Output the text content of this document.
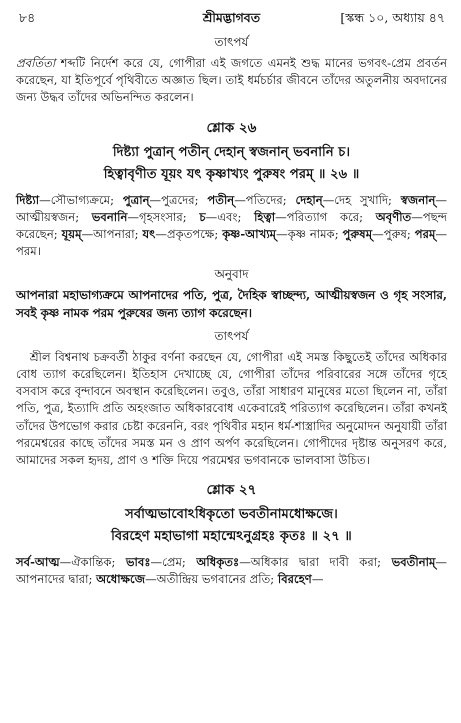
৮৪	শ্রীমদ্ভাগবত	[স্কন্ধ ১০, অধ্যায় ৪৭
তাৎপর্য

প্রবর্তিতা শব্দটি নির্দেশ করে যে, গোপীরা এই জগতে এমনই শুদ্ধ মানের ভগবৎ-প্রেম প্রবর্তন করেছেন, যা ইতিপূর্বে পৃথিবীতে অজ্ঞাত ছিল। তাই ধর্মচর্চার জীবনে তাঁদের অতুলনীয় অবদানের জন্য উদ্ধব তাঁদের অভিনন্দিত করলেন।

শ্লোক ২৬

দিষ্ট্যা পুত্রান্ পতীন্ দেহান্ স্বজনান্ ভবনানি চ।

হিত্বাবৃণীত যূয়ং যৎ কৃষ্ণাখ্যং পুরুষং পরম্ ॥ ২৬ ॥

দিষ্ট্যা—সৌভাগ্যক্রমে; পুত্রান্—পুত্রদের; পতীন্—পতিদের; দেহান্—দেহ সুখাদি; স্বজনান্—আত্মীয়স্বজন; ভবনানি—গৃহসংসার; চ—এবং; হিত্বা—পরিত্যাগ করে; অবৃণীত—পছন্দ করেছেন; যূয়ম্—আপনারা; যৎ—প্রকৃতপক্ষে; কৃষ্ণ-আখ্যম্—কৃষ্ণ নামক; পুরুষম্—পুরুষ; পরম্—পরম।

অনুবাদ

আপনারা মহাভাগ্যক্রমে আপনাদের পতি, পুত্র, দৈহিক স্বাচ্ছন্দ্য, আত্মীয়স্বজন ও গৃহ সংসার, সবই কৃষ্ণ নামক পরম পুরুষের জন্য ত্যাগ করেছেন।

তাৎপর্য

শ্রীল বিশ্বনাথ চক্রবর্তী ঠাকুর বর্ণনা করছেন যে, গোপীরা এই সমস্ত কিছুতেই তাঁদের অধিকার বোধ ত্যাগ করেছিলেন। ইতিহাস দেখাচ্ছে যে, গোপীরা তাঁদের পরিবারের সঙ্গে তাঁদের গৃহে বসবাস করে বৃন্দাবনে অবস্থান করেছিলেন। তবুও, তাঁরা সাধারণ মানুষের মতো ছিলেন না, তাঁরা পতি, পুত্র, ইত্যাদি প্রতি অহংজাত অধিকারবোধ একেবারেই পরিত্যাগ করেছিলেন। তাঁরা কখনই তাঁদের উপভোগ করার চেষ্টা করেননি, বরং পৃথিবীর মহান ধর্ম-শাস্ত্রাদির অনুমোদন অনুযায়ী তাঁরা পরমেশ্বরের কাছে তাঁদের সমস্ত মন ও প্রাণ অর্পণ করেছিলেন। গোপীদের দৃষ্টান্ত অনুসরণ করে, আমাদের সকল হৃদয়, প্রাণ ও শক্তি দিয়ে পরমেশ্বর ভগবানকে ভালবাসা উচিত।

শ্লোক ২৭

সর্বাত্মভাবোঽধিকৃতো ভবতীনামধোক্ষজে।

বিরহেণ মহাভাগা মহান্মেঽনুগ্রহঃ কৃতঃ ॥ ২৭ ॥

সর্ব-আত্ম—ঐকান্তিক; ভাবঃ—প্রেম; অধিকৃতঃ—অধিকার দ্বারা দাবী করা; ভবতীনাম্—আপনাদের দ্বারা; অধোক্ষজে—অতীন্দ্রিয় ভগবানের প্রতি; বিরহেণ—
